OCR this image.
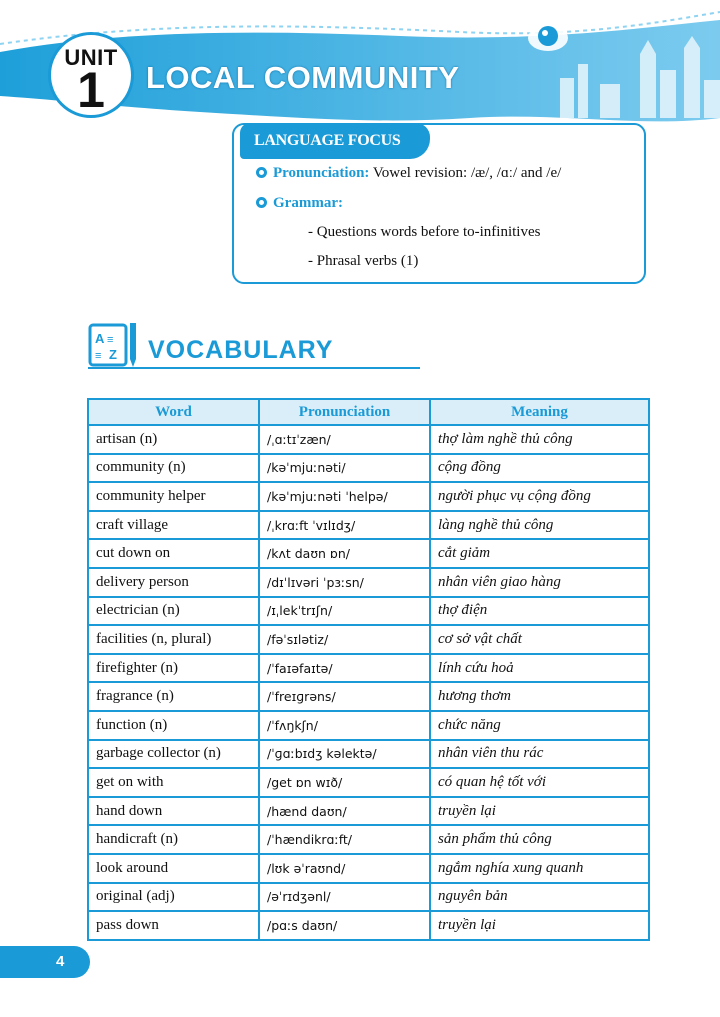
UNIT
1	LOCAL COMMUNITY
LANGUAGE FOCUS
Pronunciation: Vowel revision: /æ/, /ɑː/ and /e/
Grammar:
- Questions words before to-infinitives
- Phrasal verbs (1)
A ≡
≡ Z VOCABULARY
Word	Pronunciation	Meaning
artisan (n)	/ˌɑːtɪˈzæn/	thợ làm nghề thủ công
community (n)	/kəˈmjuːnəti/	cộng đồng
community helper	/kəˈmjuːnəti ˈhelpə/	người phục vụ cộng đồng
craft village	/ˌkrɑːft ˈvɪlɪdʒ/	làng nghề thủ công
cut down on	/kʌt daʊn ɒn/	cắt giảm
delivery person	/dɪˈlɪvəri ˈpɜːsn/	nhân viên giao hàng
electrician (n)	/ɪˌlekˈtrɪʃn/	thợ điện
facilities (n, plural)	/fəˈsɪlətiz/	cơ sở vật chất
firefighter (n)	/ˈfaɪəfaɪtə/	lính cứu hoả
fragrance (n)	/ˈfreɪɡrəns/	hương thơm
function (n)	/ˈfʌŋkʃn/	chức năng
garbage collector (n)	/ˈɡɑːbɪdʒ kəlektə/	nhân viên thu rác
get on with	/get ɒn wɪð/	có quan hệ tốt với
hand down	/hænd daʊn/	truyền lại
handicraft (n)	/ˈhændikrɑːft/	sản phẩm thủ công
look around	/lʊk əˈraʊnd/	ngắm nghía xung quanh
original (adj)	/əˈrɪdʒənl/	nguyên bản
pass down	/pɑːs daʊn/	truyền lại
4
